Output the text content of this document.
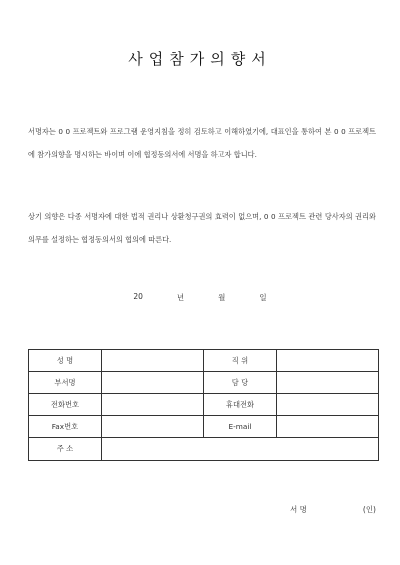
사업참가의향서
서명자는 0 0 프로젝트와 프로그램 운영지침을 정히 검토하고 이해하였기에, 대표인을 통하여 본 0 0 프로젝트에 참가의향을 명시하는 바이며 이에 협정동의서에 서명을 하고자 합니다.
상기 의향은 다종 서명자에 대한 법적 권리나 상환청구권의 효력이 없으며, 0 0 프로젝트 관련 당사자의 권리와 의무를 설정하는 협정동의서의 협의에 따른다.
20	년	월	일
성 명		직 위	
부서명		담 당	
전화번호		휴대전화	
Fax번호		E-mail	
주 소			
서 명	(인)
